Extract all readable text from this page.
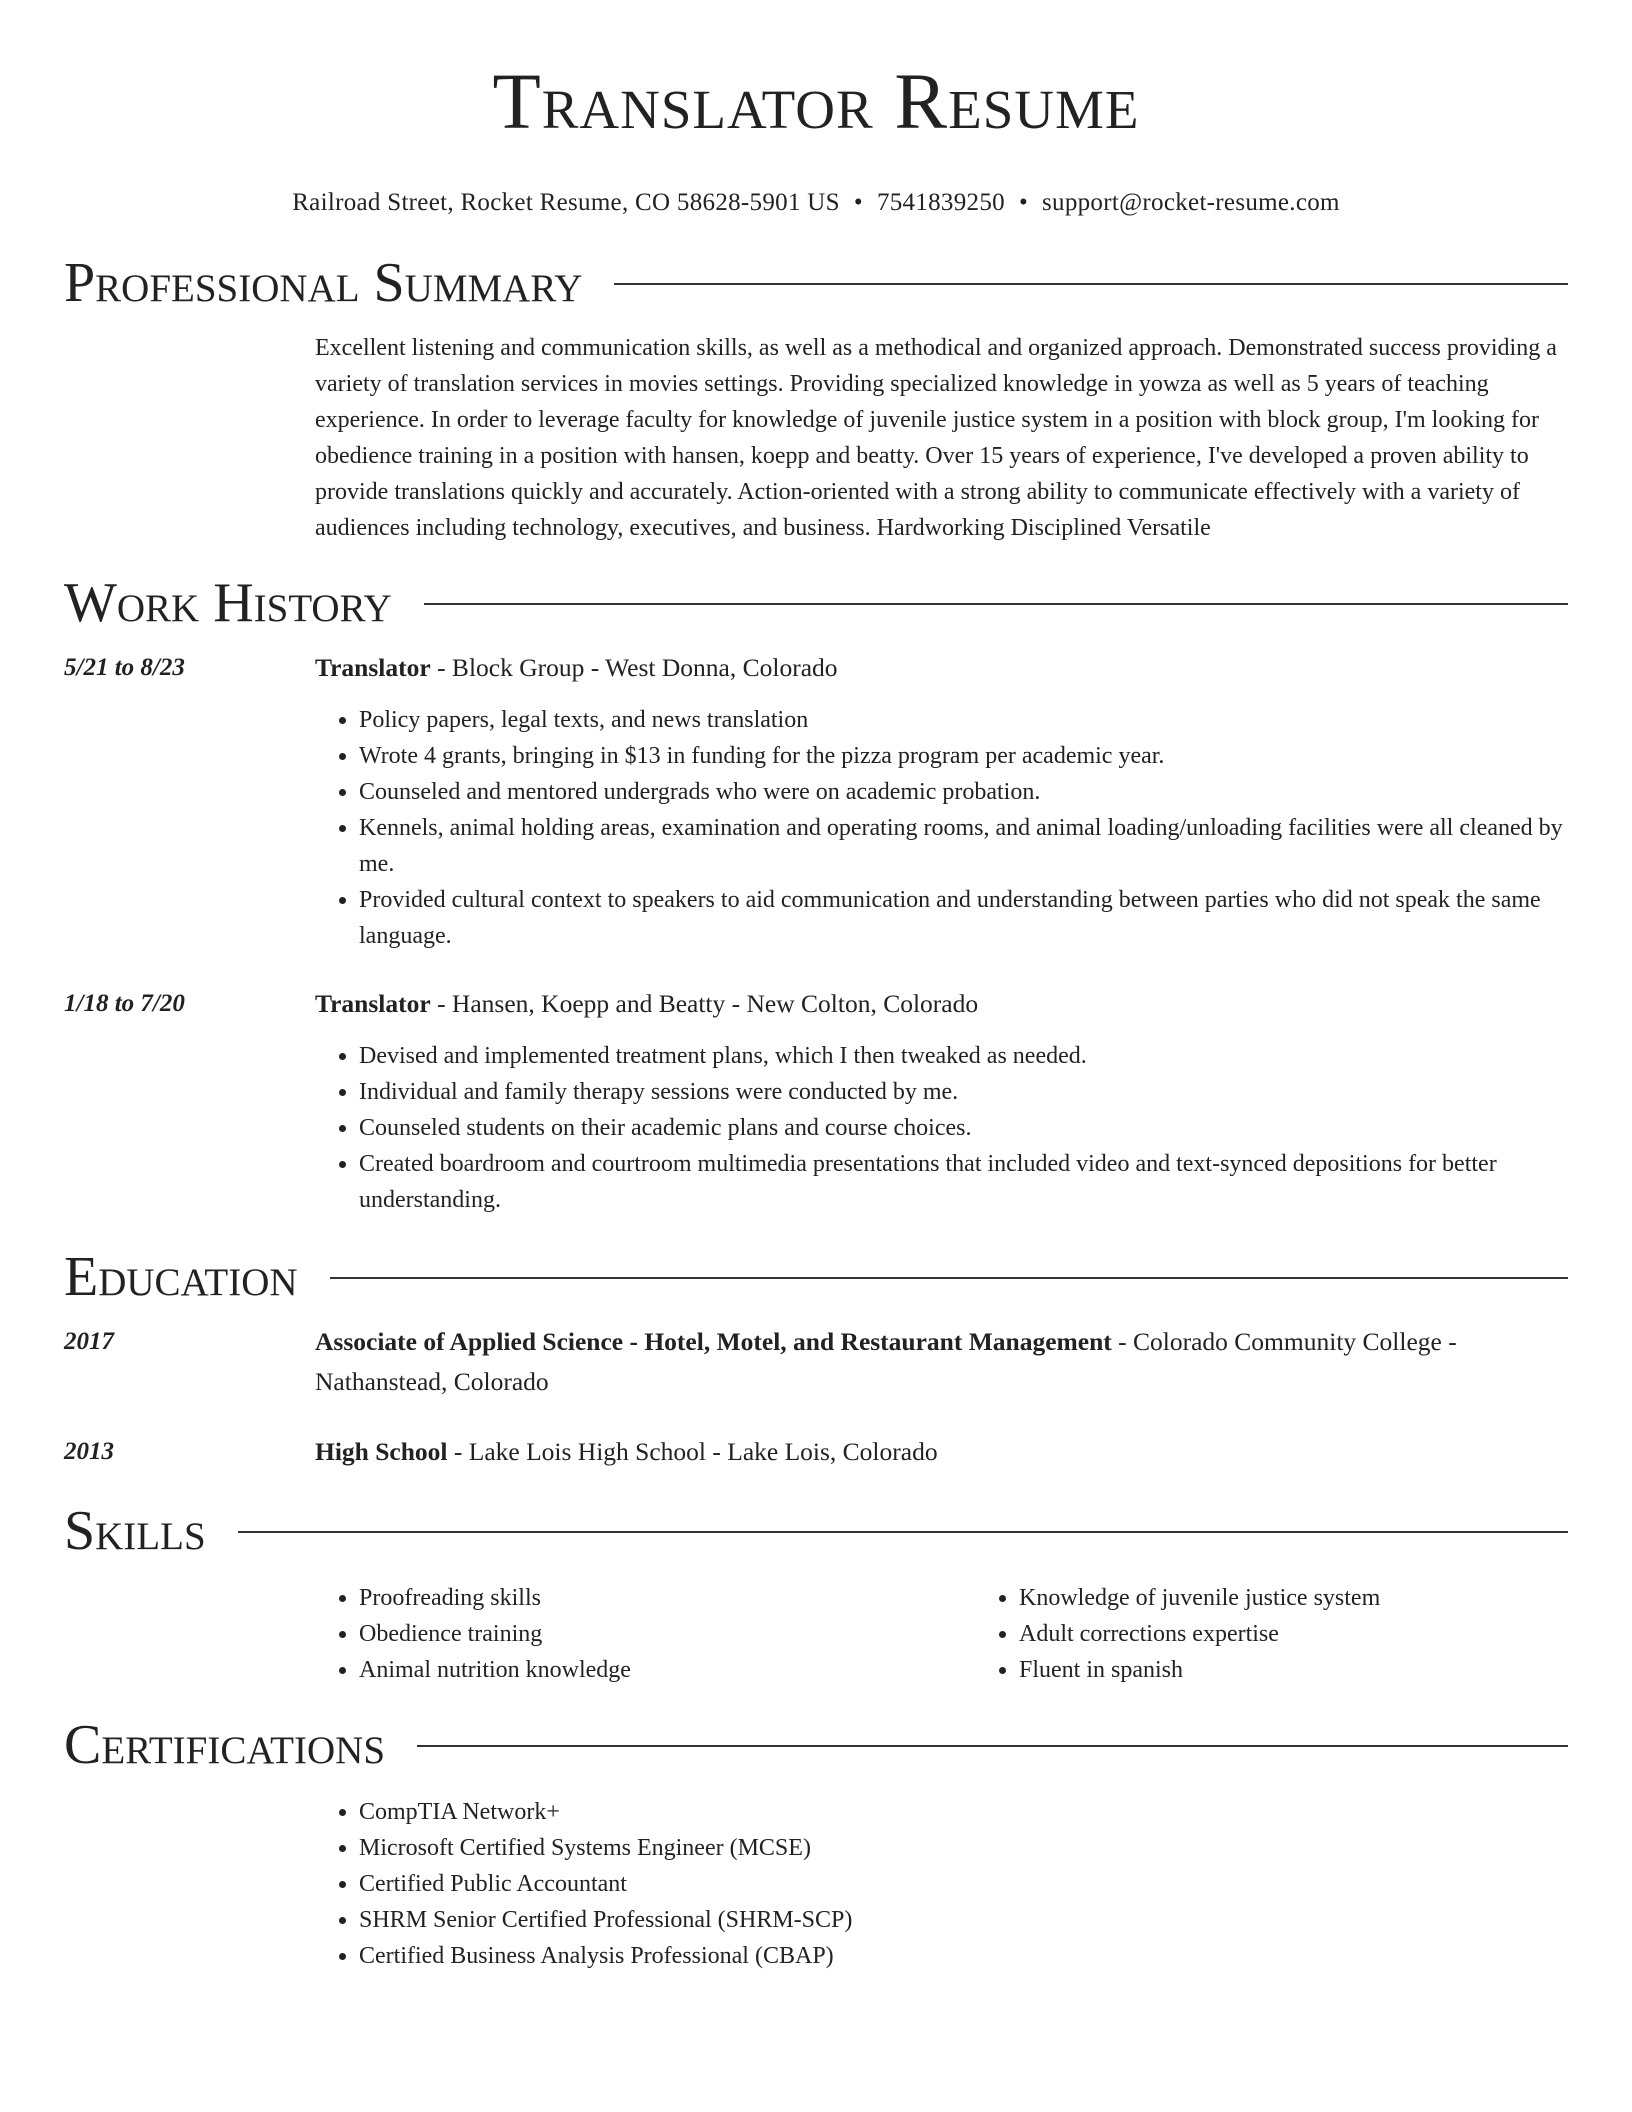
Translator Resume
Railroad Street, Rocket Resume, CO 58628-5901 US • 7541839250 • support@rocket-resume.com
Professional Summary
Excellent listening and communication skills, as well as a methodical and organized approach. Demonstrated success providing a variety of translation services in movies settings. Providing specialized knowledge in yowza as well as 5 years of teaching experience. In order to leverage faculty for knowledge of juvenile justice system in a position with block group, I'm looking for obedience training in a position with hansen, koepp and beatty. Over 15 years of experience, I've developed a proven ability to provide translations quickly and accurately. Action-oriented with a strong ability to communicate effectively with a variety of audiences including technology, executives, and business. Hardworking Disciplined Versatile
Work History
5/21 to 8/23	Translator - Block Group - West Donna, Colorado
• Policy papers, legal texts, and news translation
• Wrote 4 grants, bringing in $13 in funding for the pizza program per academic year.
• Counseled and mentored undergrads who were on academic probation.
• Kennels, animal holding areas, examination and operating rooms, and animal loading/unloading facilities were all cleaned by me.
• Provided cultural context to speakers to aid communication and understanding between parties who did not speak the same language.
1/18 to 7/20	Translator - Hansen, Koepp and Beatty - New Colton, Colorado
• Devised and implemented treatment plans, which I then tweaked as needed.
• Individual and family therapy sessions were conducted by me.
• Counseled students on their academic plans and course choices.
• Created boardroom and courtroom multimedia presentations that included video and text-synced depositions for better understanding.
Education
2017	Associate of Applied Science - Hotel, Motel, and Restaurant Management - Colorado Community College - Nathanstead, Colorado
2013	High School - Lake Lois High School - Lake Lois, Colorado
Skills
• Proofreading skills
• Obedience training
• Animal nutrition knowledge
• Knowledge of juvenile justice system
• Adult corrections expertise
• Fluent in spanish
Certifications
• CompTIA Network+
• Microsoft Certified Systems Engineer (MCSE)
• Certified Public Accountant
• SHRM Senior Certified Professional (SHRM-SCP)
• Certified Business Analysis Professional (CBAP)
